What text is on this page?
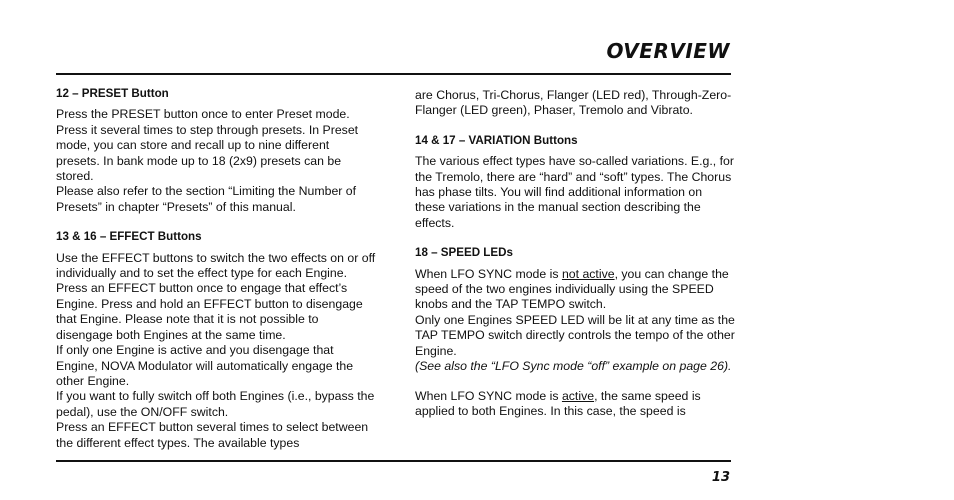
OVERVIEW
12 – PRESET Button

Press the PRESET button once to enter Preset mode. Press it several times to step through presets. In Preset mode, you can store and recall up to nine different presets. In bank mode up to 18 (2x9) presets can be stored.

Please also refer to the section “Limiting the Number of Presets” in chapter “Presets” of this manual.

13 & 16 – EFFECT Buttons

Use the EFFECT buttons to switch the two effects on or off individually and to set the effect type for each Engine. Press an EFFECT button once to engage that effect’s Engine. Press and hold an EFFECT button to disengage that Engine. Please note that it is not possible to disengage both Engines at the same time.

If only one Engine is active and you disengage that Engine, NOVA Modulator will automatically engage the other Engine.

If you want to fully switch off both Engines (i.e., bypass the pedal), use the ON/OFF switch.

Press an EFFECT button several times to select between the different effect types. The available types

are Chorus, Tri-Chorus, Flanger (LED red), Through-Zero-Flanger (LED green), Phaser, Tremolo and Vibrato.

14 & 17 – VARIATION Buttons

The various effect types have so-called variations. E.g., for the Tremolo, there are “hard” and “soft” types. The Chorus has phase tilts. You will find additional information on these variations in the manual section describing the effects.

18 – SPEED LEDs

When LFO SYNC mode is not active, you can change the speed of the two engines individually using the SPEED knobs and the TAP TEMPO switch.

Only one Engines SPEED LED will be lit at any time as the TAP TEMPO switch directly controls the tempo of the other Engine.

(See also the “LFO Sync mode “off” example on page 26).

When LFO SYNC mode is active, the same speed is applied to both Engines. In this case, the speed is

13
